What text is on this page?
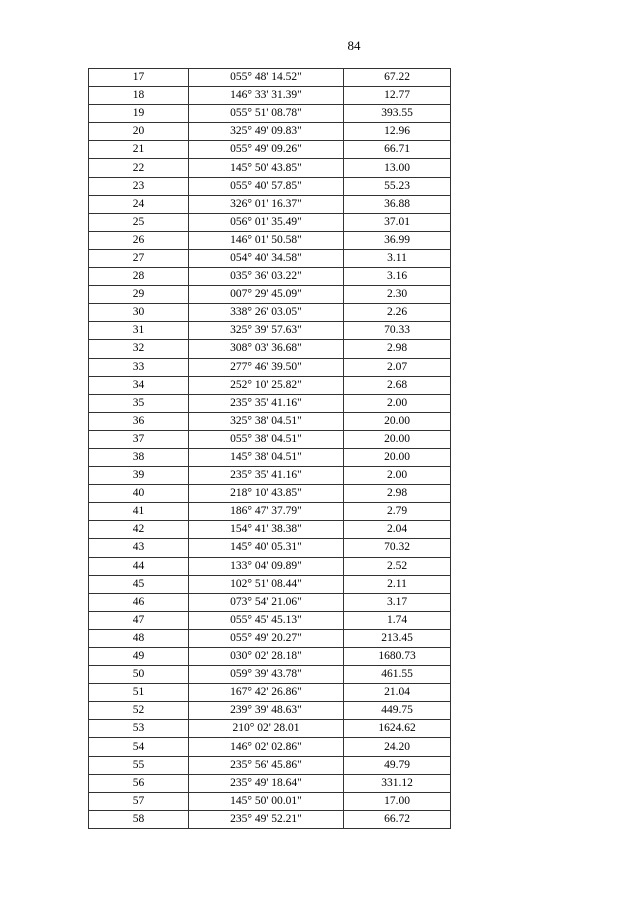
84
17	055° 48' 14.52"	67.22
18	146° 33' 31.39"	12.77
19	055° 51' 08.78"	393.55
20	325° 49' 09.83"	12.96
21	055° 49' 09.26"	66.71
22	145° 50' 43.85"	13.00
23	055° 40' 57.85"	55.23
24	326° 01' 16.37"	36.88
25	056° 01' 35.49"	37.01
26	146° 01' 50.58"	36.99
27	054° 40' 34.58"	3.11
28	035° 36' 03.22"	3.16
29	007° 29' 45.09"	2.30
30	338° 26' 03.05"	2.26
31	325° 39' 57.63"	70.33
32	308° 03' 36.68"	2.98
33	277° 46' 39.50"	2.07
34	252° 10' 25.82"	2.68
35	235° 35' 41.16"	2.00
36	325° 38' 04.51"	20.00
37	055° 38' 04.51"	20.00
38	145° 38' 04.51"	20.00
39	235° 35' 41.16"	2.00
40	218° 10' 43.85"	2.98
41	186° 47' 37.79"	2.79
42	154° 41' 38.38"	2.04
43	145° 40' 05.31"	70.32
44	133° 04' 09.89"	2.52
45	102° 51' 08.44"	2.11
46	073° 54' 21.06"	3.17
47	055° 45' 45.13"	1.74
48	055° 49' 20.27"	213.45
49	030° 02' 28.18"	1680.73
50	059° 39' 43.78"	461.55
51	167° 42' 26.86"	21.04
52	239° 39' 48.63"	449.75
53	210° 02' 28.01	1624.62
54	146° 02' 02.86"	24.20
55	235° 56' 45.86"	49.79
56	235° 49' 18.64"	331.12
57	145° 50' 00.01"	17.00
58	235° 49' 52.21"	66.72
